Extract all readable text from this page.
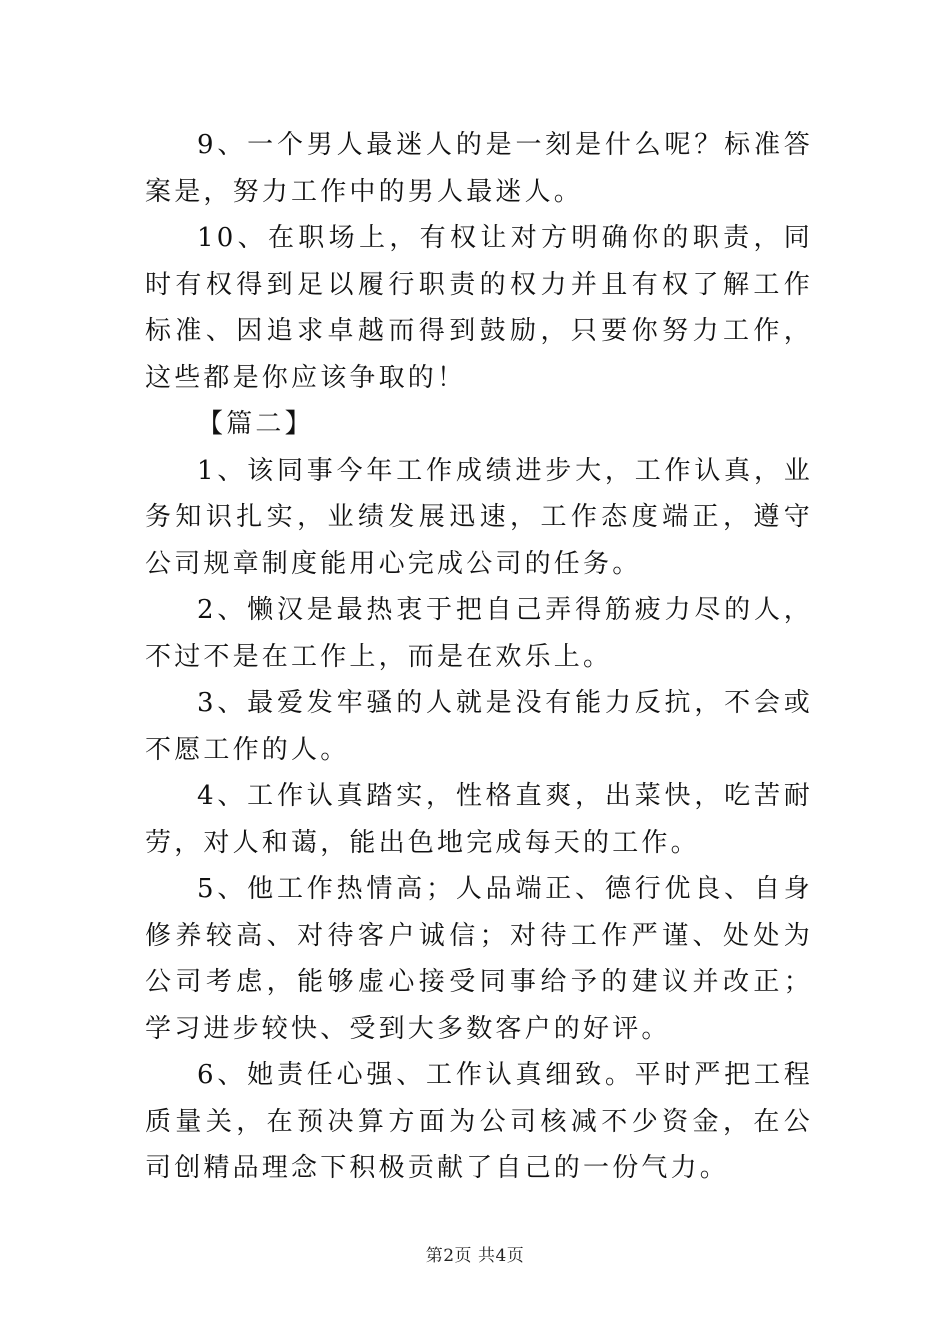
9、一个男人最迷人的是一刻是什么呢？标准答案是，努力工作中的男人最迷人。

10、在职场上，有权让对方明确你的职责，同时有权得到足以履行职责的权力并且有权了解工作标准、因追求卓越而得到鼓励，只要你努力工作，这些都是你应该争取的！

【篇二】

1、该同事今年工作成绩进步大，工作认真，业务知识扎实，业绩发展迅速，工作态度端正，遵守公司规章制度能用心完成公司的任务。

2、懒汉是最热衷于把自己弄得筋疲力尽的人，不过不是在工作上，而是在欢乐上。

3、最爱发牢骚的人就是没有能力反抗，不会或不愿工作的人。

4、工作认真踏实，性格直爽，出菜快，吃苦耐劳，对人和蔼，能出色地完成每天的工作。

5、他工作热情高；人品端正、德行优良、自身修养较高、对待客户诚信；对待工作严谨、处处为公司考虑，能够虚心接受同事给予的建议并改正；学习进步较快、受到大多数客户的好评。

6、她责任心强、工作认真细致。平时严把工程质量关，在预决算方面为公司核减不少资金，在公司创精品理念下积极贡献了自己的一份气力。

第2页 共4页
